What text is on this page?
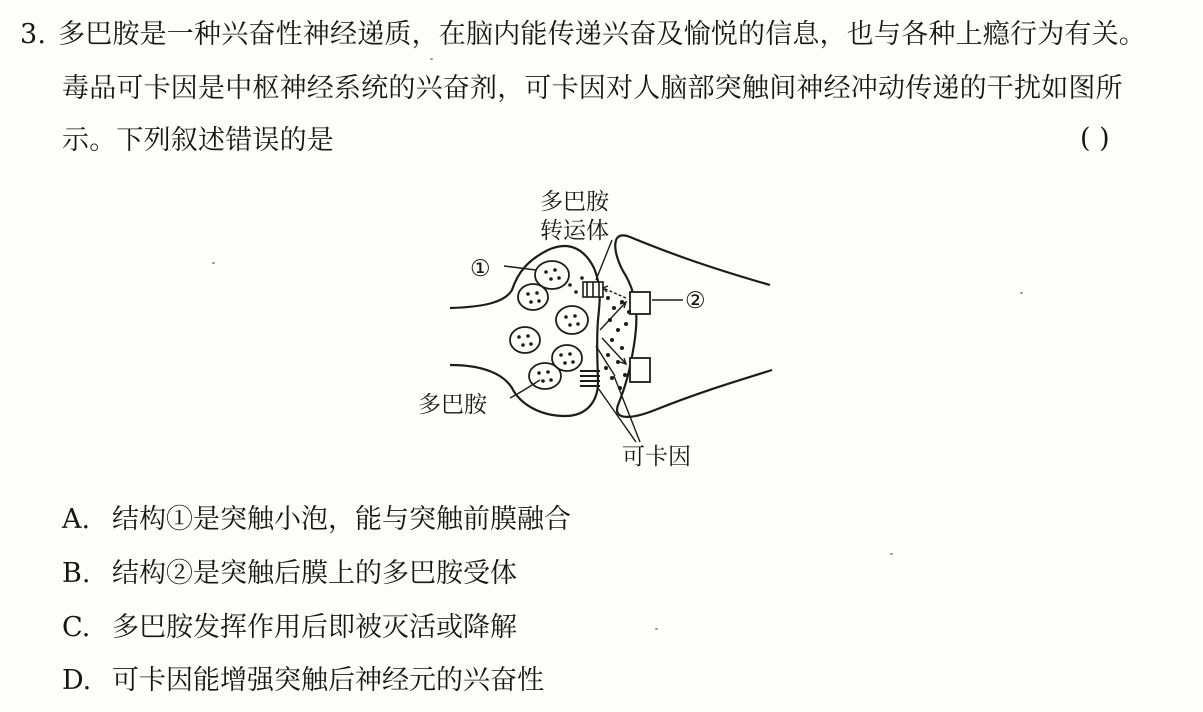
3. 多巴胺是一种兴奋性神经递质，在脑内能传递兴奋及愉悦的信息，也与各种上瘾行为有关。
毒品可卡因是中枢神经系统的兴奋剂，可卡因对人脑部突触间神经冲动传递的干扰如图所
示。下列叙述错误的是	( )
多巴胺
转运体
①
②
多巴胺
可卡因
A. 结构①是突触小泡，能与突触前膜融合
B. 结构②是突触后膜上的多巴胺受体
C. 多巴胺发挥作用后即被灭活或降解
D. 可卡因能增强突触后神经元的兴奋性
